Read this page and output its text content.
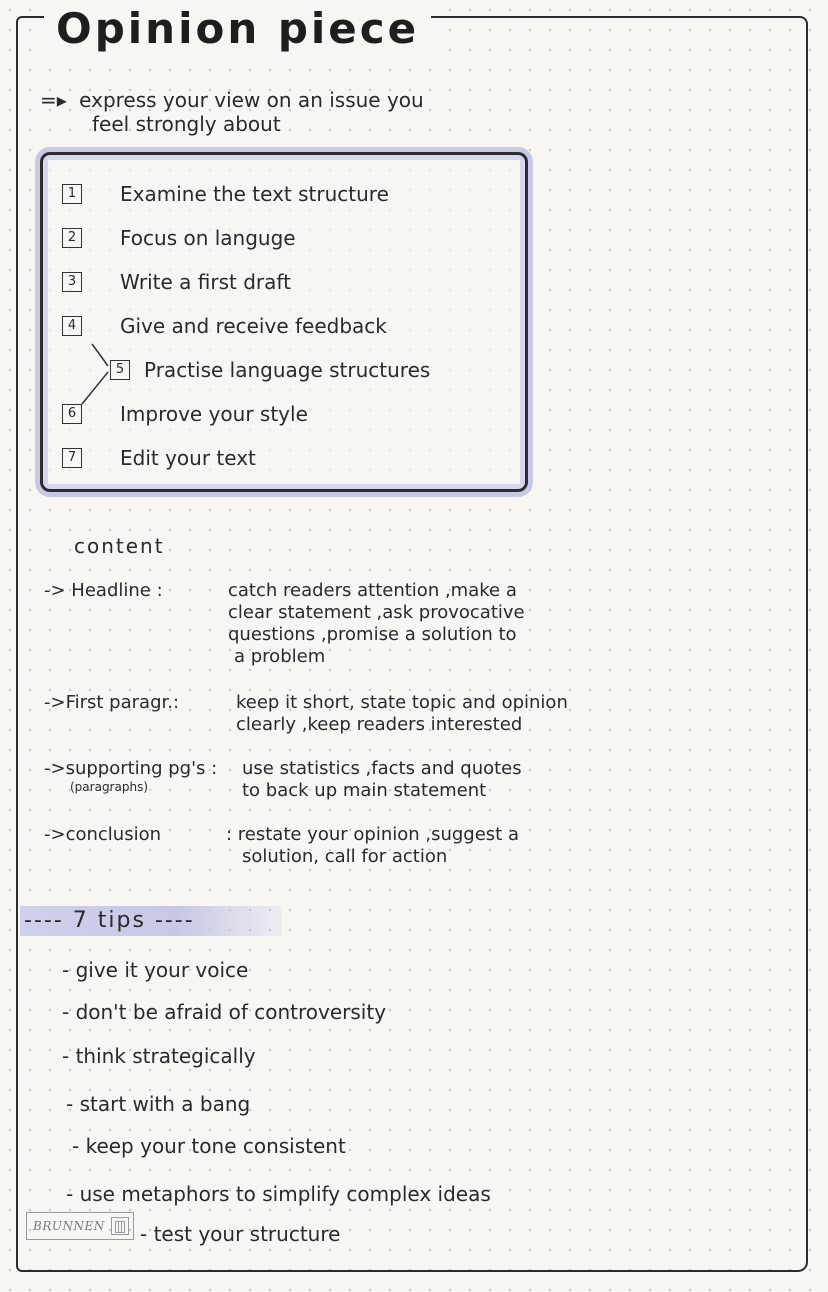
Opinion piece
=▸ express your view on an issue you
feel strongly about
1 Examine the text structure
2 Focus on languge
3 Write a first draft
4 Give and receive feedback
5 Practise language structures
6 Improve your style
7 Edit your text
content
-> Headline :	catch readers attention ,make a
clear statement ,ask provocative
questions ,promise a solution to
a problem
->First paragr.:	keep it short, state topic and opinion
clearly ,keep readers interested
->supporting pg's :
(paragraphs)
use statistics ,facts and quotes
to back up main statement
->conclusion	: restate your opinion ,suggest a
solution, call for action
---- 7 tips ----
- give it your voice
- don't be afraid of controversity
- think strategically
- start with a bang
- keep your tone consistent
- use metaphors to simplify complex ideas
- test your structure
BRUNNEN
